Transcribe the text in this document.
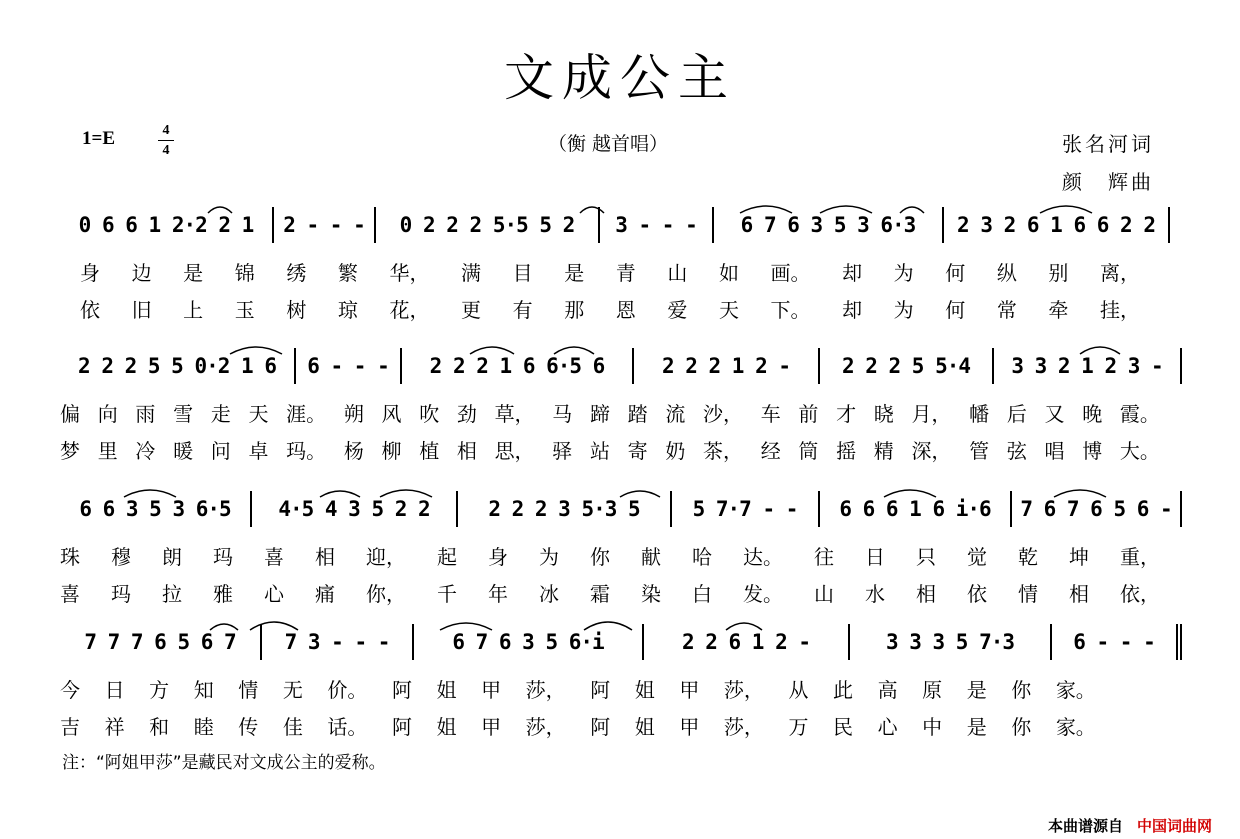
文成公主
1=E	4
4	（衡 越首唱）	张名河词
颜　辉曲
0 6 6 1 2·2 2 1 2 - - - 0 2 2 2 5·5 5 2 3 - - - 6 7 6 3 5 3 6·3 2 3 2 6 1 6 6 2 2
身 边 是 锦 绣 繁 华， 满 目 是 青 山 如 画。 却 为 何 纵 别 离，
依 旧 上 玉 树 琼 花， 更 有 那 恩 爱 天 下。 却 为 何 常 牵 挂，
2 2 2 5 5 0·2 1 6 6 - - - 2 2 2 1 6 6·5 6	2 2 2 1 2 - 2 2 2 5 5·4 3 3 2 1 2 3 -
偏 向 雨 雪 走 天 涯。 朔 风 吹 劲 草， 马 蹄 踏 流 沙， 车 前 才 晓 月， 幡 后 又 晚 霞。
梦 里 冷 暖 问 卓 玛。 杨 柳 植 相 思， 驿 站 寄 奶 茶， 经 筒 摇 精 深， 管 弦 唱 博 大。
6 6 3 5 3 6·5 4·5 4 3 5 2 2	2 2 2 3 5·3 5	5 7·7 - - 6 6 6 1 6 i·6 7 6 7 6 5 6 -
珠 穆 朗 玛 喜 相 迎， 起 身 为 你 献 哈 达。 往 日 只 觉 乾 坤 重，
喜 玛 拉 雅 心 痛 你， 千 年 冰 霜 染 白 发。 山 水 相 依 情 相 依，
7 7 7 6 5 6 7 7 3 - - -	6 7 6 3 5 6·i	2 2 6 1 2 -	3 3 3 5 7·3	6 - - -
今 日 方 知 情 无 价。 阿 姐 甲 莎， 阿 姐 甲 莎， 从 此 高 原 是 你 家。
吉 祥 和 睦 传 佳 话。 阿 姐 甲 莎， 阿 姐 甲 莎， 万 民 心 中 是 你 家。
注：“阿姐甲莎”是藏民对文成公主的爱称。
本曲谱源自 中国词曲网
